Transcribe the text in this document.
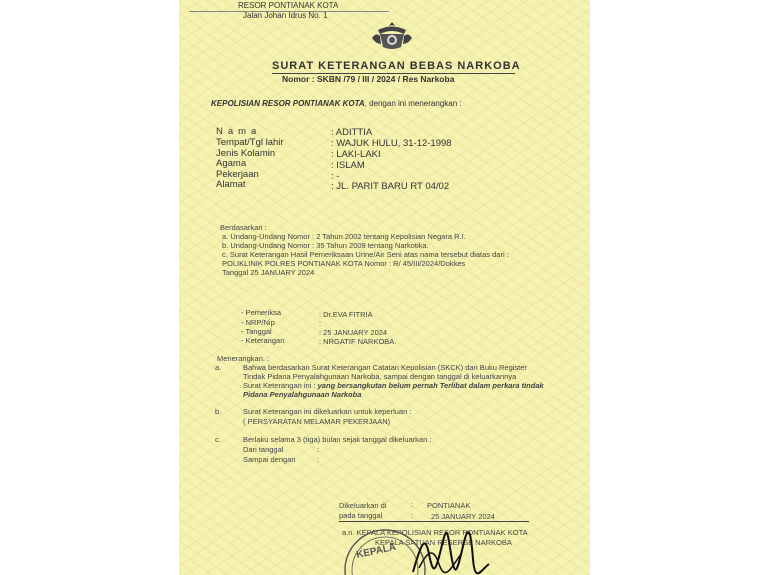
RESOR PONTIANAK KOTA
Jalan Johan Idrus No. 1
SURAT KETERANGAN BEBAS NARKOBA
Nomor : SKBN /79 / III / 2024 / Res Narkoba
KEPOLISIAN RESOR PONTIANAK KOTA, dengan ini menerangkan :
Nama	: ADITTIA
Tempat/Tgl lahir	: WAJUK HULU, 31-12-1998
Jenis Kolamin	: LAKI-LAKI
Agama	: ISLAM
Pekerjaan	: -
Alamat	: JL. PARIT BARU RT 04/02
Berdasarkan :
a. Undang-Undang Nomor : 2 Tahun 2002 tentang Kepolisian Negara R.I.
b. Undang-Undang Nomor : 35 Tahun 2009 tentang Narkotika.
c. Surat Keterangan Hasil Pemeriksaan Urine/Air Seni atas nama tersebut diatas dari :
POLIKLINIK POLRES PONTIANAK KOTA Nomor : R/ 45/III/2024/Dokkes
Tanggal 25 JANUARY 2024
- Pemeriksa	: Dr.EVA FITRIA
- NRP/Nip	:
- Tanggal	: 25 JANUARY 2024
- Keterangan	: NRGATIF NARKOBA.
Menerangkan. :
a.	Bahwa berdasarkan Surat Keterangan Catatan Kepolisian (SKCK) dan Buku Register
Tindak Pidana Penyalahgunaan Narkoba, sampai dengan tanggal di keluarkannya
Surat Keterangan ini : yang bersangkutan belum pernah Terlibat dalam perkara tindak
Pidana Penyalahgunaan Narkoba
b.	Surat Keterangan ini dikeluarkan untuk keperluan :
( PERSYARATAN MELAMAR PEKERJAAN)
c.	Berlaku selama 3 (tiga) bulan sejak tanggal dikeluarkan :
Dari tanggal	:
Sampai dengan	:
Dikeluarkan di	: PONTIANAK
pada tanggal	: 25 JANUARY 2024
a.n. KEPALA KEPOLISIAN RESOR PONTIANAK KOTA
KEPALA SATUAN RESERSE NARKOBA
KEPALA
